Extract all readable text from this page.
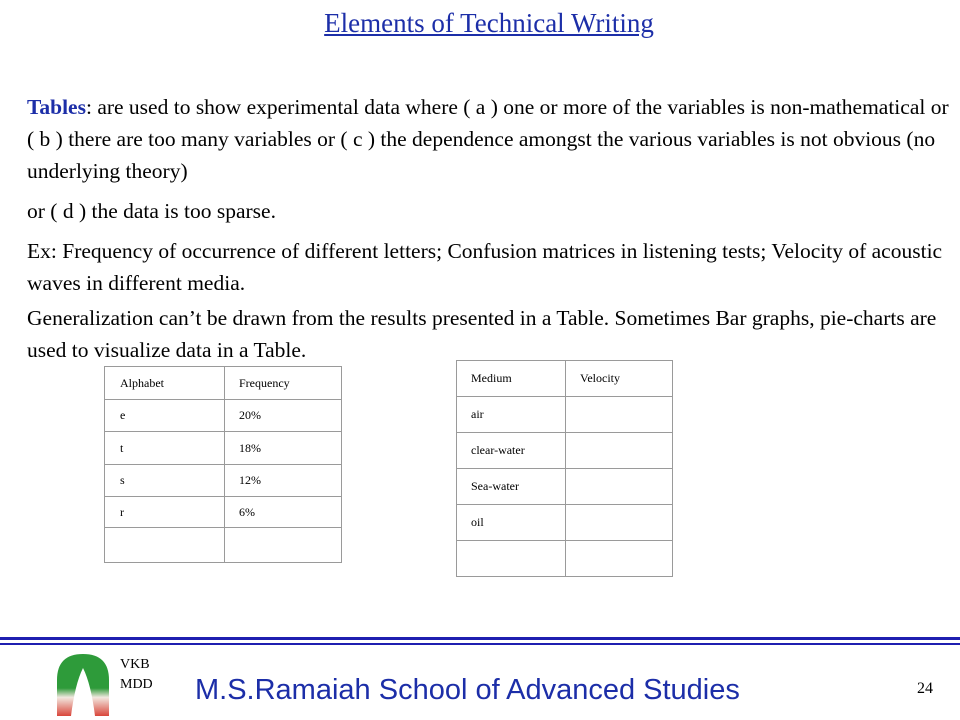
Elements of Technical Writing
Tables: are used to show experimental data where ( a ) one or more of the variables is non-mathematical or ( b ) there are too many variables or ( c ) the dependence amongst the various variables is not obvious (no underlying theory)
or ( d ) the data is too sparse.
Ex: Frequency of occurrence of different letters; Confusion matrices in listening tests; Velocity of acoustic waves in different media.
Generalization can’t be drawn from the results presented in a Table. Sometimes Bar graphs, pie-charts are used to visualize data in a Table.
Alphabet	Frequency
e	20%
t	18%
s	12%
r	6%

Medium	Velocity
air	
clear-water	
Sea-water	
oil	

VKB
MDD M.S.Ramaiah School of Advanced Studies	24
